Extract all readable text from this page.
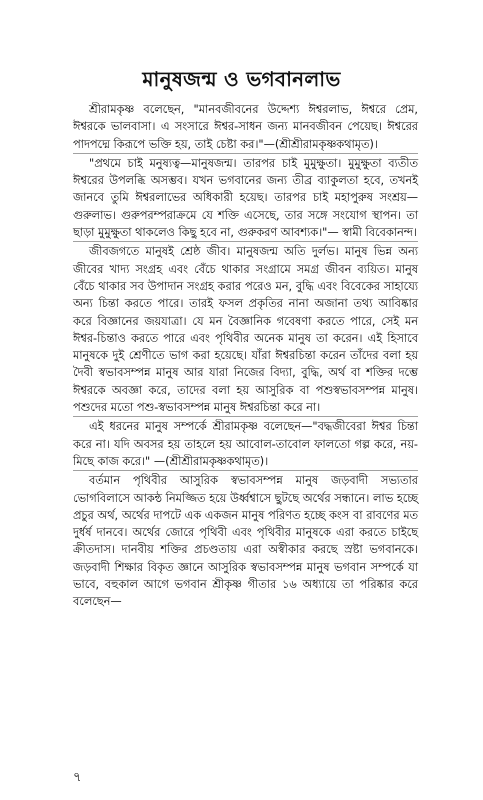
মানুষজন্ম ও ভগবানলাভ

শ্রীরামকৃষ্ণ বলেছেন, "মানবজীবনের উদ্দেশ্য ঈশ্বরলাভ, ঈশ্বরে প্রেম, ঈশ্বরকে ভালবাসা। এ সংসারে ঈশ্বর-সাধন জন্য মানবজীবন পেয়েছ। ঈশ্বরের পাদপদ্মে কিরূপে ভক্তি হয়, তাই চেষ্টা কর।"—(শ্রীশ্রীরামকৃষ্ণকথামৃত)।

"প্রথমে চাই মনুষ্যত্ব—মানুষজন্ম। তারপর চাই মুমুক্ষুতা। মুমুক্ষুতা ব্যতীত ঈশ্বরের উপলব্ধি অসম্ভব। যখন ভগবানের জন্য তীব্র ব্যাকুলতা হবে, তখনই জানবে তুমি ঈশ্বরলাভের অধিকারী হয়েছ। তারপর চাই মহাপুরুষ সংশ্রয়—গুরুলাভ। গুরুপরম্পরাক্রমে যে শক্তি এসেছে, তার সঙ্গে সংযোগ স্থাপন। তা ছাড়া মুমুক্ষুতা থাকলেও কিছু হবে না, গুরুকরণ আবশ্যক।"— স্বামী বিবেকানন্দ।

জীবজগতে মানুষই শ্রেষ্ঠ জীব। মানুষজন্ম অতি দুর্লভ। মানুষ ভিন্ন অন্য জীবের খাদ্য সংগ্রহ এবং বেঁচে থাকার সংগ্রামে সমগ্র জীবন ব্যয়িত। মানুষ বেঁচে থাকার সব উপাদান সংগ্রহ করার পরেও মন, বুদ্ধি এবং বিবেকের সাহায্যে অন্য চিন্তা করতে পারে। তারই ফসল প্রকৃতির নানা অজানা তথ্য আবিষ্কার করে বিজ্ঞানের জয়যাত্রা। যে মন বৈজ্ঞানিক গবেষণা করতে পারে, সেই মন ঈশ্বর-চিন্তাও করতে পারে এবং পৃথিবীর অনেক মানুষ তা করেন। এই হিসাবে মানুষকে দুই শ্রেণীতে ভাগ করা হয়েছে। যাঁরা ঈশ্বরচিন্তা করেন তাঁদের বলা হয় দৈবী স্বভাবসম্পন্ন মানুষ আর যারা নিজের বিদ্যা, বুদ্ধি, অর্থ বা শক্তির দম্ভে ঈশ্বরকে অবজ্ঞা করে, তাদের বলা হয় আসুরিক বা পশুস্বভাবসম্পন্ন মানুষ। পশুদের মতো পশু-স্বভাবসম্পন্ন মানুষ ঈশ্বরচিন্তা করে না।

এই ধরনের মানুষ সম্পর্কে শ্রীরামকৃষ্ণ বলেছেন—"বদ্ধজীবেরা ঈশ্বর চিন্তা করে না। যদি অবসর হয় তাহলে হয় আবোল-তাবোল ফালতো গল্প করে, নয়-মিছে কাজ করে।" —(শ্রীশ্রীরামকৃষ্ণকথামৃত)।

বর্তমান পৃথিবীর আসুরিক স্বভাবসম্পন্ন মানুষ জড়বাদী সভ্যতার ভোগবিলাসে আকন্ঠ নিমজ্জিত হয়ে উর্ধ্বশ্বাসে ছুটছে অর্থের সন্ধানে। লাভ হচ্ছে প্রচুর অর্থ, অর্থের দাপটে এক একজন মানুষ পরিণত হচ্ছে কংস বা রাবণের মত দুর্ধর্ষ দানবে। অর্থের জোরে পৃথিবী এবং পৃথিবীর মানুষকে এরা করতে চাইছে ক্রীতদাস। দানবীয় শক্তির প্রচণ্ডতায় এরা অস্বীকার করছে স্রষ্টা ভগবানকে। জড়বাদী শিক্ষার বিকৃত জ্ঞানে আসুরিক স্বভাবসম্পন্ন মানুষ ভগবান সম্পর্কে যা ভাবে, বহুকাল আগে ভগবান শ্রীকৃষ্ণ গীতার ১৬ অধ্যায়ে তা পরিষ্কার করে বলেছেন—

৭
